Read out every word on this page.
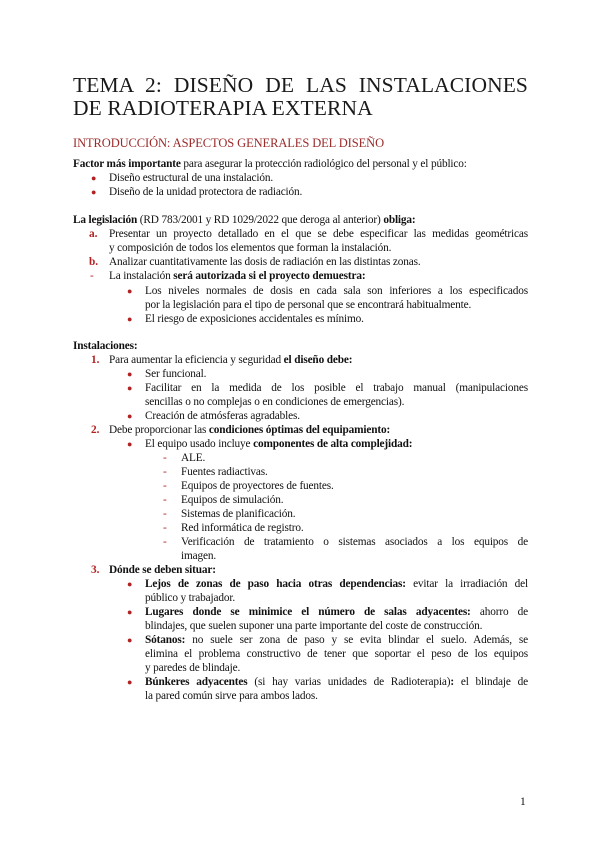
TEMA 2: DISEÑO DE LAS INSTALACIONES DE RADIOTERAPIA EXTERNA
INTRODUCCIÓN: ASPECTOS GENERALES DEL DISEÑO
Factor más importante para asegurar la protección radiológico del personal y el público:
● Diseño estructural de una instalación.
● Diseño de la unidad protectora de radiación.
La legislación (RD 783/2001 y RD 1029/2022 que deroga al anterior) obliga:
a. Presentar un proyecto detallado en el que se debe especificar las medidas geométricas
y composición de todos los elementos que forman la instalación.
b. Analizar cuantitativamente las dosis de radiación en las distintas zonas.
- La instalación será autorizada si el proyecto demuestra:
● Los niveles normales de dosis en cada sala son inferiores a los especificados
por la legislación para el tipo de personal que se encontrará habitualmente.
● El riesgo de exposiciones accidentales es mínimo.
Instalaciones:
1. Para aumentar la eficiencia y seguridad el diseño debe:
● Ser funcional.
● Facilitar en la medida de los posible el trabajo manual (manipulaciones
sencillas o no complejas o en condiciones de emergencias).
● Creación de atmósferas agradables.
2. Debe proporcionar las condiciones óptimas del equipamiento:
● El equipo usado incluye componentes de alta complejidad:
- ALE.
- Fuentes radiactivas.
- Equipos de proyectores de fuentes.
- Equipos de simulación.
- Sistemas de planificación.
- Red informática de registro.
- Verificación de tratamiento o sistemas asociados a los equipos de
imagen.
3. Dónde se deben situar:
● Lejos de zonas de paso hacia otras dependencias: evitar la irradiación del
público y trabajador.
● Lugares donde se minimice el número de salas adyacentes: ahorro de
blindajes, que suelen suponer una parte importante del coste de construcción.
● Sótanos: no suele ser zona de paso y se evita blindar el suelo. Además, se
elimina el problema constructivo de tener que soportar el peso de los equipos
y paredes de blindaje.
● Búnkeres adyacentes (si hay varias unidades de Radioterapia): el blindaje de
la pared común sirve para ambos lados.
1
